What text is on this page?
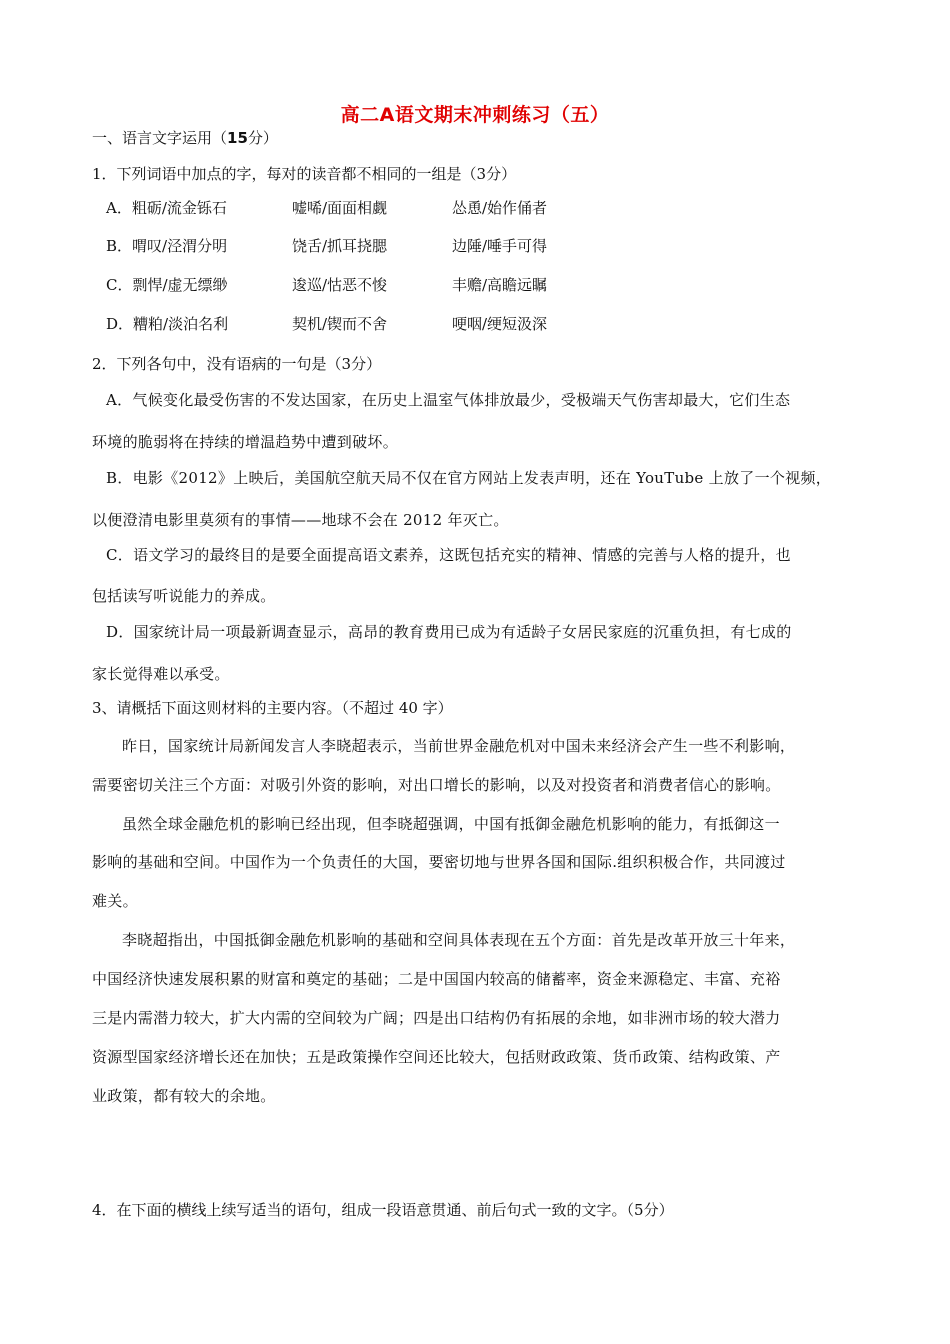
高二A语文期末冲刺练习（五）
一、语言文字运用（15分）
1．下列词语中加点的字，每对的读音都不相同的一组是（3分）
A．粗砺/流金铄石	嘘唏/面面相觑	怂恿/始作俑者
B．喟叹/泾渭分明	饶舌/抓耳挠腮	边陲/唾手可得
C．剽悍/虚无缥缈	逡巡/怙恶不悛	丰赡/高瞻远瞩
D．糟粕/淡泊名利	契机/锲而不舍	哽咽/绠短汲深
2．下列各句中，没有语病的一句是（3分）
A．气候变化最受伤害的不发达国家，在历史上温室气体排放最少，受极端天气伤害却最大，它们生态
环境的脆弱将在持续的增温趋势中遭到破坏。
B．电影《2012》上映后，美国航空航天局不仅在官方网站上发表声明，还在 YouTube 上放了一个视频，
以便澄清电影里莫须有的事情——地球不会在 2012 年灭亡。
C．语文学习的最终目的是要全面提高语文素养，这既包括充实的精神、情感的完善与人格的提升，也
包括读写听说能力的养成。
D．国家统计局一项最新调查显示，高昂的教育费用已成为有适龄子女居民家庭的沉重负担，有七成的
家长觉得难以承受。
3、请概括下面这则材料的主要内容。（不超过 40 字）
昨日，国家统计局新闻发言人李晓超表示，当前世界金融危机对中国未来经济会产生一些不利影响，
需要密切关注三个方面：对吸引外资的影响，对出口增长的影响，以及对投资者和消费者信心的影响。
虽然全球金融危机的影响已经出现，但李晓超强调，中国有抵御金融危机影响的能力，有抵御这一
影响的基础和空间。中国作为一个负责任的大国，要密切地与世界各国和国际.组织积极合作，共同渡过
难关。
李晓超指出，中国抵御金融危机影响的基础和空间具体表现在五个方面：首先是改革开放三十年来，
中国经济快速发展积累的财富和奠定的基础；二是中国国内较高的储蓄率，资金来源稳定、丰富、充裕
三是内需潜力较大，扩大内需的空间较为广阔；四是出口结构仍有拓展的余地，如非洲市场的较大潜力
资源型国家经济增长还在加快；五是政策操作空间还比较大，包括财政政策、货币政策、结构政策、产
业政策，都有较大的余地。
4．在下面的横线上续写适当的语句，组成一段语意贯通、前后句式一致的文字。（5分）
